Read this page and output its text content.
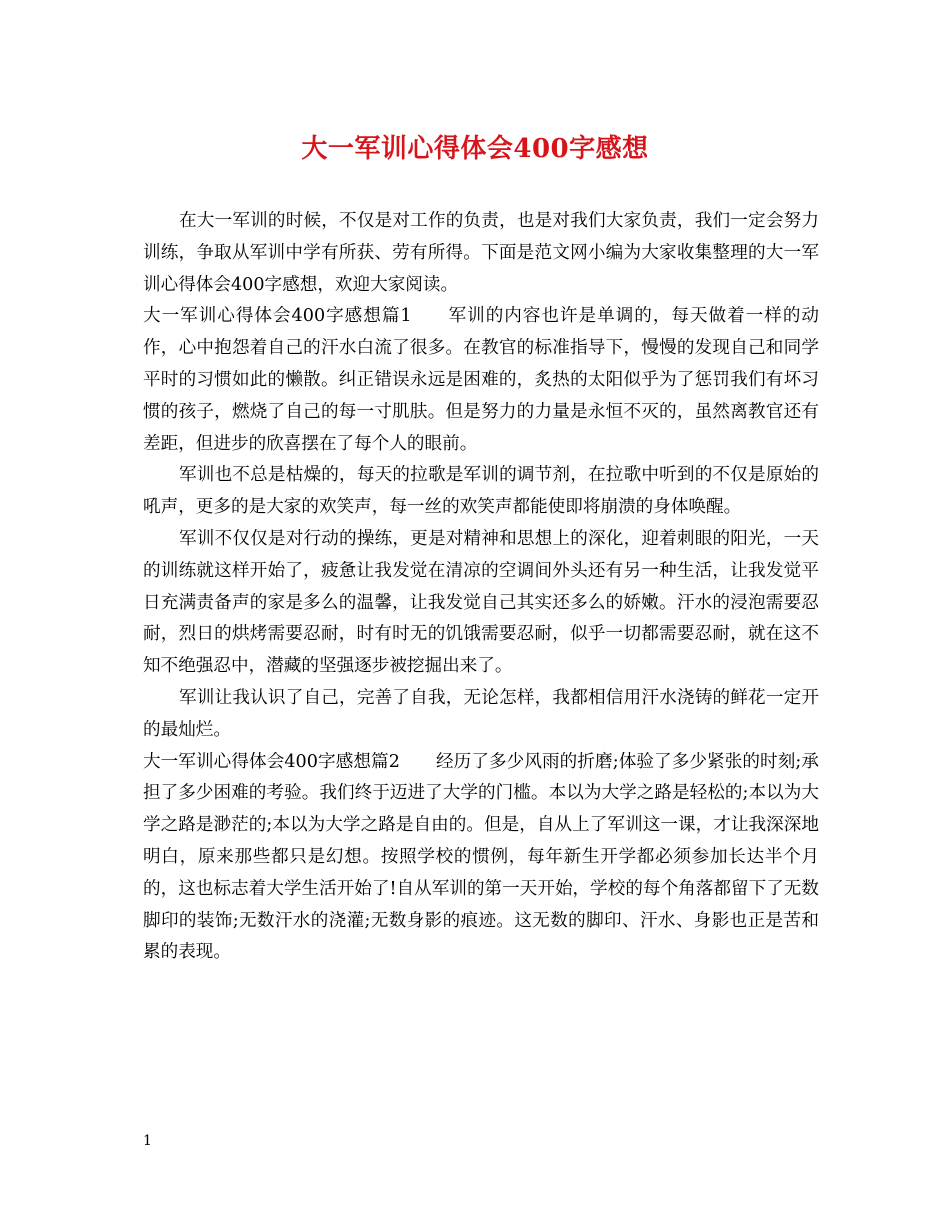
大一军训心得体会400字感想

在大一军训的时候，不仅是对工作的负责，也是对我们大家负责，我们一定会努力训练，争取从军训中学有所获、劳有所得。下面是范文网小编为大家收集整理的大一军训心得体会400字感想，欢迎大家阅读。

大一军训心得体会400字感想篇1 军训的内容也许是单调的，每天做着一样的动作，心中抱怨着自己的汗水白流了很多。在教官的标准指导下，慢慢的发现自己和同学平时的习惯如此的懒散。纠正错误永远是困难的，炙热的太阳似乎为了惩罚我们有坏习惯的孩子，燃烧了自己的每一寸肌肤。但是努力的力量是永恒不灭的，虽然离教官还有差距，但进步的欣喜摆在了每个人的眼前。

军训也不总是枯燥的，每天的拉歌是军训的调节剂，在拉歌中听到的不仅是原始的吼声，更多的是大家的欢笑声，每一丝的欢笑声都能使即将崩溃的身体唤醒。

军训不仅仅是对行动的操练，更是对精神和思想上的深化，迎着刺眼的阳光，一天的训练就这样开始了，疲惫让我发觉在清凉的空调间外头还有另一种生活，让我发觉平日充满责备声的家是多么的温馨，让我发觉自己其实还多么的娇嫩。汗水的浸泡需要忍耐，烈日的烘烤需要忍耐，时有时无的饥饿需要忍耐，似乎一切都需要忍耐，就在这不知不绝强忍中，潜藏的坚强逐步被挖掘出来了。

军训让我认识了自己，完善了自我，无论怎样，我都相信用汗水浇铸的鲜花一定开的最灿烂。

大一军训心得体会400字感想篇2 经历了多少风雨的折磨;体验了多少紧张的时刻;承担了多少困难的考验。我们终于迈进了大学的门槛。本以为大学之路是轻松的;本以为大学之路是渺茫的;本以为大学之路是自由的。但是，自从上了军训这一课，才让我深深地明白，原来那些都只是幻想。按照学校的惯例，每年新生开学都必须参加长达半个月的，这也标志着大学生活开始了!自从军训的第一天开始，学校的每个角落都留下了无数脚印的装饰;无数汗水的浇灌;无数身影的痕迹。这无数的脚印、汗水、身影也正是苦和累的表现。

1
